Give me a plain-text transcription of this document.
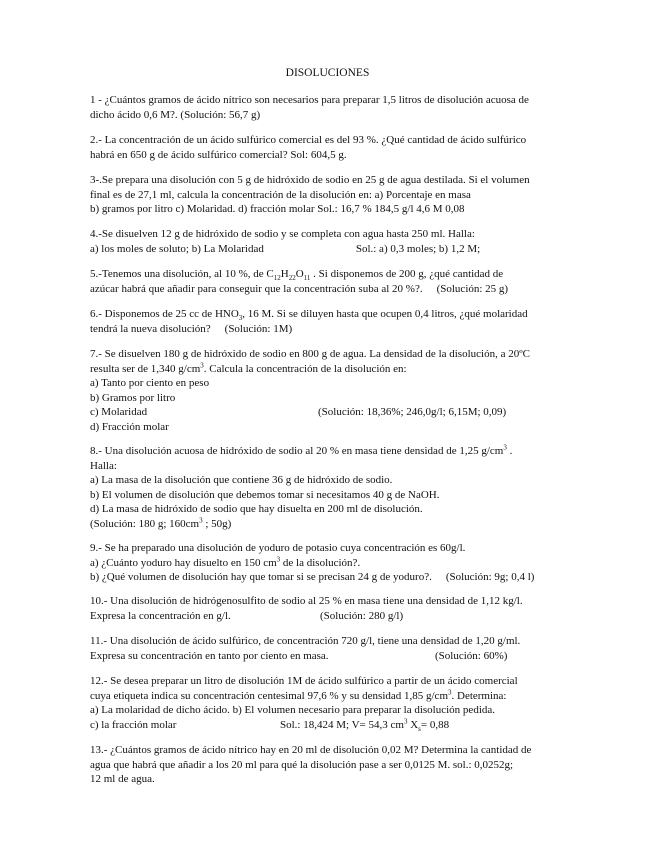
DISOLUCIONES
1 - ¿Cuántos gramos de ácido nítrico son necesarios para preparar 1,5 litros de disolución acuosa de
dicho ácido 0,6 M?. (Solución: 56,7 g)
2.- La concentración de un ácido sulfúrico comercial es del 93 %. ¿Qué cantidad de ácido sulfúrico
habrá en 650 g de ácido sulfúrico comercial? Sol: 604,5 g.
3-.Se prepara una disolución con 5 g de hidróxido de sodio en 25 g de agua destilada. Si el volumen
final es de 27,1 ml, calcula la concentración de la disolución en: a) Porcentaje en masa
b) gramos por litro c) Molaridad. d) fracción molar Sol.: 16,7 % 184,5 g/l 4,6 M 0,08
4.-Se disuelven 12 g de hidróxido de sodio y se completa con agua hasta 250 ml. Halla:
a) los moles de soluto; b) La Molaridad	Sol.: a) 0,3 moles; b) 1,2 M;
5.-Tenemos una disolución, al 10 %, de $C_{12}H_{22}O_{11}$ . Si disponemos de 200 g, ¿qué cantidad de
azúcar habrá que añadir para conseguir que la concentración suba al 20 %?. (Solución: 25 g)
6.- Disponemos de 25 cc de $HNO_3$, 16 M. Si se diluyen hasta que ocupen 0,4 litros, ¿qué molaridad
tendrá la nueva disolución? (Solución: 1M)
7.- Se disuelven 180 g de hidróxido de sodio en 800 g de agua. La densidad de la disolución, a 20ºC
resulta ser de 1,340 $g/cm^3$. Calcula la concentración de la disolución en:
a) Tanto por ciento en peso
b) Gramos por litro
c) Molaridad	(Solución: 18,36%; 246,0g/l; 6,15M; 0,09)
d) Fracción molar
8.- Una disolución acuosa de hidróxido de sodio al 20 % en masa tiene densidad de 1,25 $g/cm^3$ .
Halla:
a) La masa de la disolución que contiene 36 g de hidróxido de sodio.
b) El volumen de disolución que debemos tomar si necesitamos 40 g de NaOH.
d) La masa de hidróxido de sodio que hay disuelta en 200 ml de disolución.
(Solución: 180 g; $160cm^3$ ; 50g)
9.- Se ha preparado una disolución de yoduro de potasio cuya concentración es 60g/l.
a) ¿Cuánto yoduro hay disuelto en 150 $cm^3$ de la disolución?.
b) ¿Qué volumen de disolución hay que tomar si se precisan 24 g de yoduro?. (Solución: 9g; 0,4 l)
10.- Una disolución de hidrógenosulfito de sodio al 25 % en masa tiene una densidad de 1,12 kg/l.
Expresa la concentración en g/l.	(Solución: 280 g/l)
11.- Una disolución de ácido sulfúrico, de concentración 720 g/l, tiene una densidad de 1,20 g/ml.
Expresa su concentración en tanto por ciento en masa.	(Solución: 60%)
12.- Se desea preparar un litro de disolución 1M de ácido sulfúrico a partir de un ácido comercial
cuya etiqueta indica su concentración centesimal 97,6 % y su densidad 1,85 $g/cm^3$. Determina:
a) La molaridad de dicho ácido. b) El volumen necesario para preparar la disolución pedida.
c) la fracción molar	Sol.: 18,424 M; V= 54,3 $cm^3$ $X_s= 0,88$
13.- ¿Cuántos gramos de ácido nítrico hay en 20 ml de disolución 0,02 M? Determina la cantidad de
agua que habrá que añadir a los 20 ml para qué la disolución pase a ser 0,0125 M. sol.: 0,0252g;
12 ml de agua.
